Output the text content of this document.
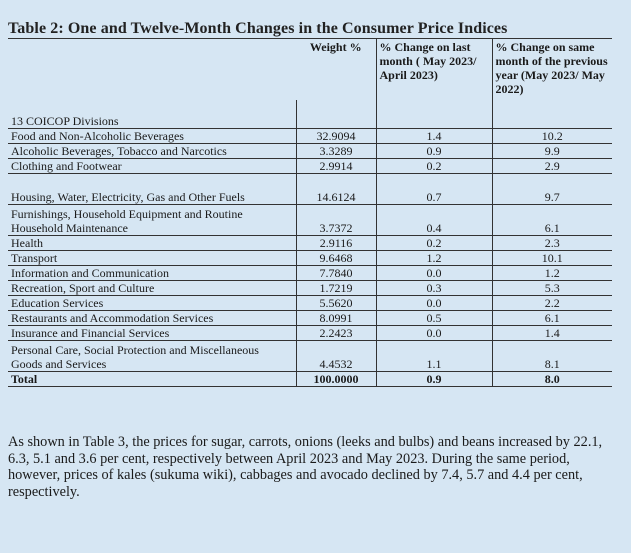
Table 2: One and Twelve-Month Changes in the Consumer Price Indices
	Weight %	% Change on last month ( May 2023/ April 2023)	% Change on same month of the previous year (May 2023/ May 2022)
13 COICOP Divisions			
Food and Non-Alcoholic Beverages	32.9094	1.4	10.2
Alcoholic Beverages, Tobacco and Narcotics	3.3289	0.9	9.9
Clothing and Footwear	2.9914	0.2	2.9
Housing, Water, Electricity, Gas and Other Fuels	14.6124	0.7	9.7
Furnishings, Household Equipment and Routine Household Maintenance	3.7372	0.4	6.1
Health	2.9116	0.2	2.3
Transport	9.6468	1.2	10.1
Information and Communication	7.7840	0.0	1.2
Recreation, Sport and Culture	1.7219	0.3	5.3
Education Services	5.5620	0.0	2.2
Restaurants and Accommodation Services	8.0991	0.5	6.1
Insurance and Financial Services	2.2423	0.0	1.4
Personal Care, Social Protection and Miscellaneous Goods and Services	4.4532	1.1	8.1
Total	100.0000	0.9	8.0
As shown in Table 3, the prices for sugar, carrots, onions (leeks and bulbs) and beans increased by 22.1, 6.3, 5.1 and 3.6 per cent, respectively between April 2023 and May 2023. During the same period, however, prices of kales (sukuma wiki), cabbages and avocado declined by 7.4, 5.7 and 4.4 per cent, respectively.
